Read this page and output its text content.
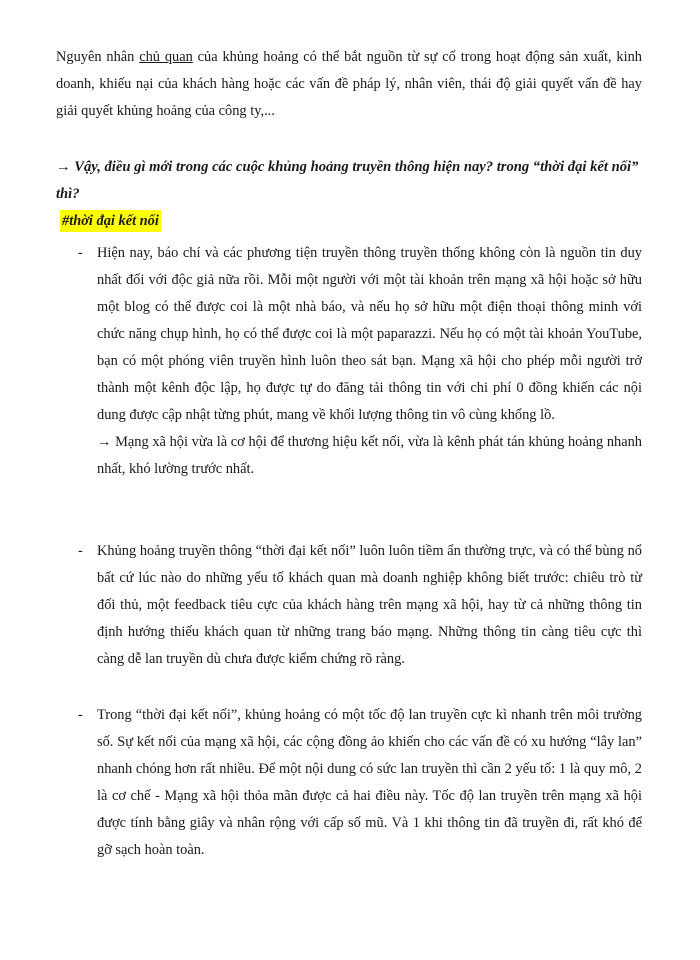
Nguyên nhân chủ quan của khủng hoảng có thể bắt nguồn từ sự cố trong hoạt động sản xuất, kinh doanh, khiếu nại của khách hàng hoặc các vấn đề pháp lý, nhân viên, thái độ giải quyết vấn đề hay giải quyết khủng hoảng của công ty,...

→ Vậy, điều gì mới trong các cuộc khủng hoảng truyền thông hiện nay? trong “thời đại kết nối” thì?

#thời đại kết nối
- Hiện nay, báo chí và các phương tiện truyền thông truyền thống không còn là nguồn tin duy nhất đối với độc giả nữa rồi. Mỗi một người với một tài khoản trên mạng xã hội hoặc sở hữu một blog có thể được coi là một nhà báo, và nếu họ sở hữu một điện thoại thông minh với chức năng chụp hình, họ có thể được coi là một paparazzi. Nếu họ có một tài khoản YouTube, bạn có một phóng viên truyền hình luôn theo sát bạn. Mạng xã hội cho phép mỗi người trở thành một kênh độc lập, họ được tự do đăng tải thông tin với chi phí 0 đồng khiến các nội dung được cập nhật từng phút, mang về khối lượng thông tin vô cùng khổng lồ.
→ Mạng xã hội vừa là cơ hội để thương hiệu kết nối, vừa là kênh phát tán khủng hoảng nhanh nhất, khó lường trước nhất.
- Khủng hoảng truyền thông “thời đại kết nối” luôn luôn tiềm ẩn thường trực, và có thể bùng nổ bất cứ lúc nào do những yếu tố khách quan mà doanh nghiệp không biết trước: chiêu trò từ đối thủ, một feedback tiêu cực của khách hàng trên mạng xã hội, hay từ cả những thông tin định hướng thiếu khách quan từ những trang báo mạng. Những thông tin càng tiêu cực thì càng dễ lan truyền dù chưa được kiểm chứng rõ ràng.
- Trong “thời đại kết nối”, khủng hoảng có một tốc độ lan truyền cực kì nhanh trên môi trường số. Sự kết nối của mạng xã hội, các cộng đồng ảo khiến cho các vấn đề có xu hướng “lây lan” nhanh chóng hơn rất nhiều. Để một nội dung có sức lan truyền thì cần 2 yếu tố: 1 là quy mô, 2 là cơ chế - Mạng xã hội thỏa mãn được cả hai điều này. Tốc độ lan truyền trên mạng xã hội được tính bằng giây và nhân rộng với cấp số mũ. Và 1 khi thông tin đã truyền đi, rất khó để gỡ sạch hoàn toàn.
